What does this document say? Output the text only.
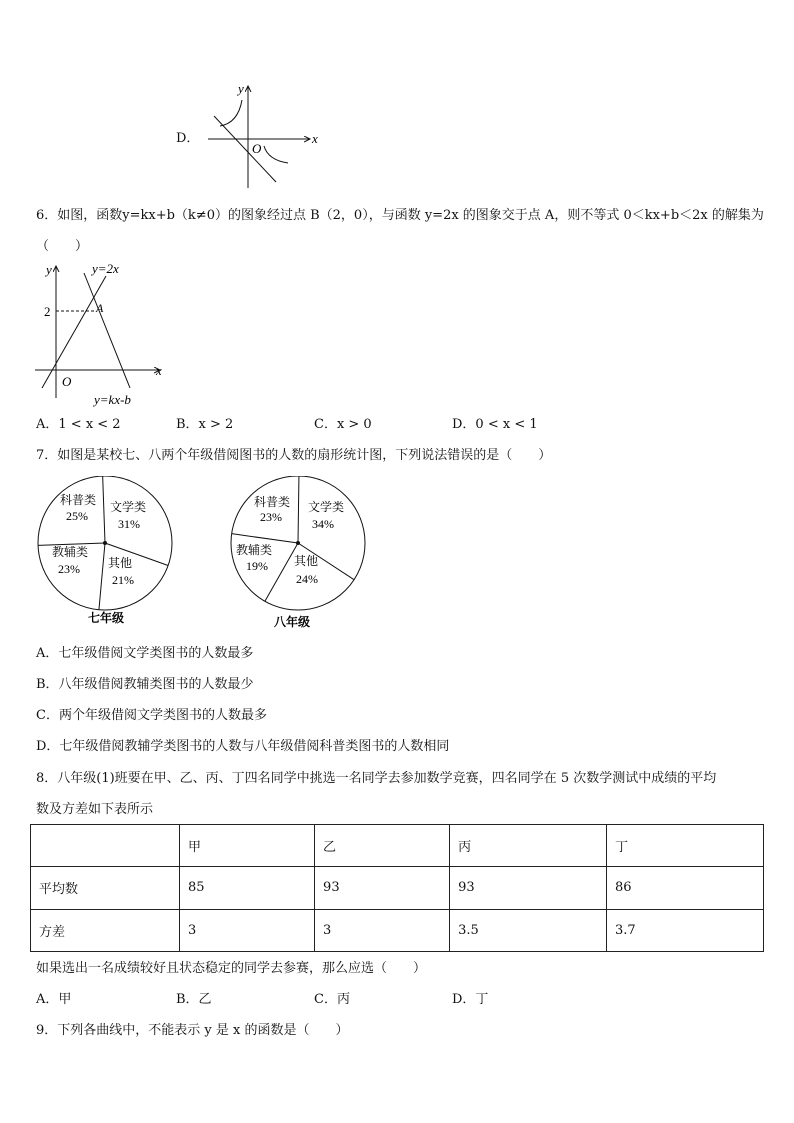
D．
y
x
O
6．如图，函数y=kx+b（k≠0）的图象经过点 B（2，0），与函数 y=2x 的图象交于点 A，则不等式 0＜kx+b＜2x 的解集为
（　　）
y	y=2x
2	A
O
x
y=kx-b
A．1 < x < 2	B．x > 2	C．x > 0	D．0 < x < 1
7．如图是某校七、八两个年级借阅图书的人数的扇形统计图，下列说法错误的是（　　）
科普类
25%
文学类
31%
其他
21%
教辅类
23%
七年级
科普类
23%
文学类
34%
其他
24%
教辅类
19%
八年级
A．七年级借阅文学类图书的人数最多
B．八年级借阅教辅类图书的人数最少
C．两个年级借阅文学类图书的人数最多
D．七年级借阅教辅学类图书的人数与八年级借阅科普类图书的人数相同
8．八年级(1)班要在甲、乙、丙、丁四名同学中挑选一名同学去参加数学竞赛，四名同学在 5 次数学测试中成绩的平均
数及方差如下表所示
	甲	乙	丙	丁
平均数	85	93	93	86
方差	3	3	3.5	3.7
如果选出一名成绩较好且状态稳定的同学去参赛，那么应选（　　）
A．甲	B．乙	C．丙	D．丁
9．下列各曲线中，不能表示 y 是 x 的函数是（　　）
